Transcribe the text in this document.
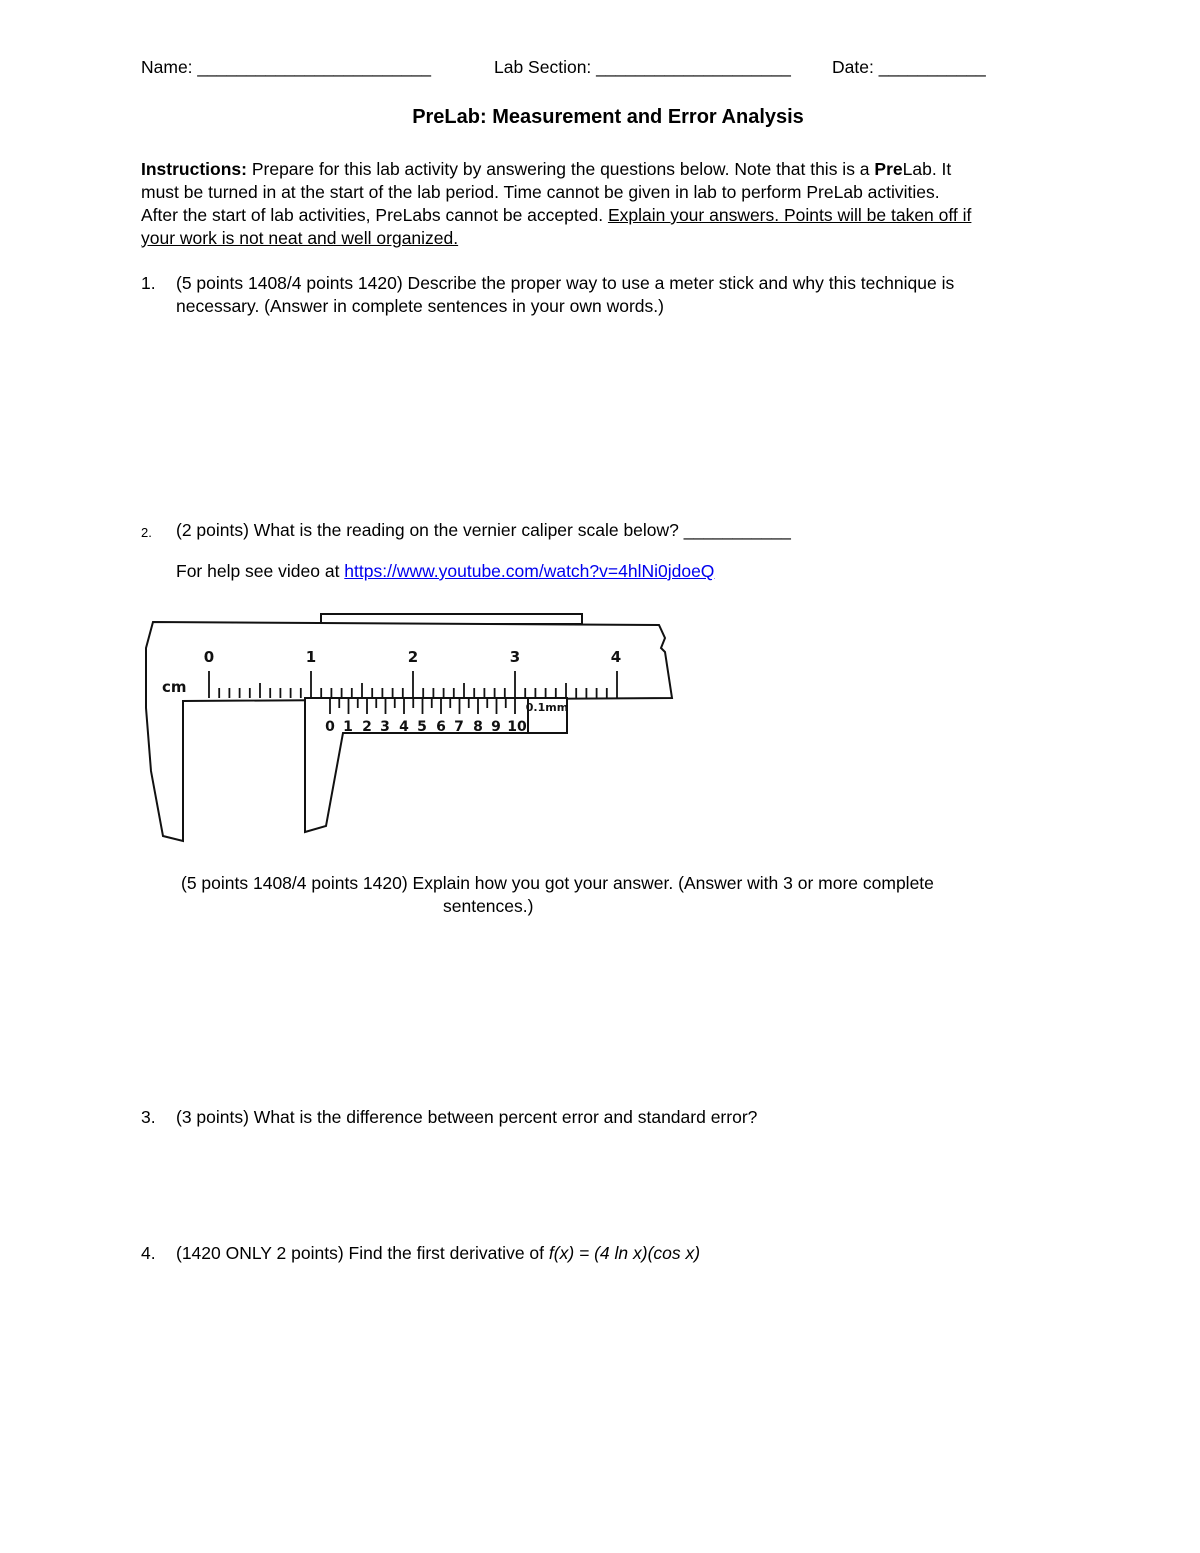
Name: ________________________	Lab Section: ____________________ Date: ___________
PreLab: Measurement and Error Analysis
Instructions: Prepare for this lab activity by answering the questions below. Note that this is a PreLab. It
must be turned in at the start of the lab period. Time cannot be given in lab to perform PreLab activities.
After the start of lab activities, PreLabs cannot be accepted. Explain your answers. Points will be taken off if
your work is not neat and well organized.
1. (5 points 1408/4 points 1420) Describe the proper way to use a meter stick and why this technique is
necessary. (Answer in complete sentences in your own words.)
2. (2 points) What is the reading on the vernier caliper scale below? ___________
For help see video at https://www.youtube.com/watch?v=4hlNi0jdoeQ
cm
0	1	2	3	4
0.1mm
0 1 2 3 4 5 6 7 8 9 10
(5 points 1408/4 points 1420) Explain how you got your answer. (Answer with 3 or more complete
sentences.)
3. (3 points) What is the difference between percent error and standard error?
4. (1420 ONLY 2 points) Find the first derivative of f(x) = (4 ln x)(cos x)
